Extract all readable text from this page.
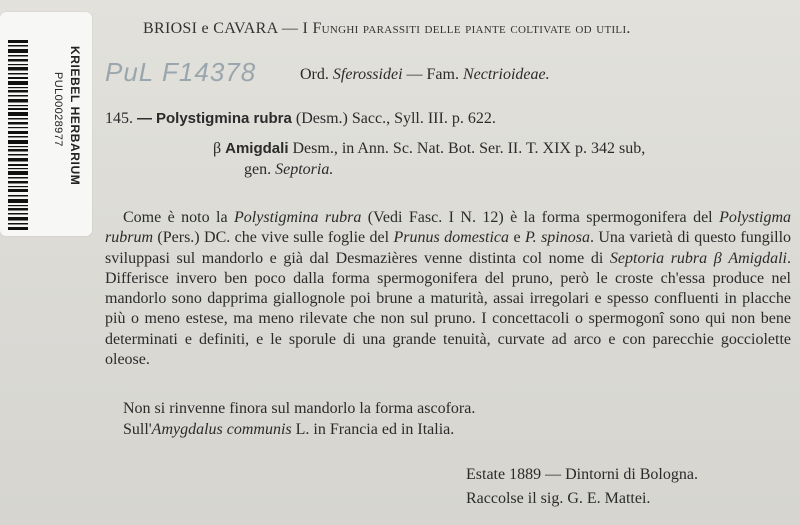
PUL00028977 KRIEBEL HERBARIUM
BRIOSI e CAVARA — I Funghi parassiti delle piante coltivate od utili.
PuL F14378	Ord. Sferossidei — Fam. Nectrioideae.
145. — Polystigmina rubra (Desm.) Sacc., Syll. III. p. 622.
β Amigdali Desm., in Ann. Sc. Nat. Bot. Ser. II. T. XIX p. 342 sub,
gen. Septoria.
Come è noto la Polystigmina rubra (Vedi Fasc. I N. 12) è la forma spermogonifera del Polystigma rubrum (Pers.) DC. che vive sulle foglie del Prunus domestica e P. spinosa. Una varietà di questo fungillo sviluppasi sul mandorlo e già dal Desmazières venne distinta col nome di Septoria rubra β Amigdali. Differisce invero ben poco dalla forma spermogonifera del pruno, però le croste ch'essa produce nel mandorlo sono dapprima giallognole poi brune a maturità, assai irregolari e spesso confluenti in placche più o meno estese, ma meno rilevate che non sul pruno. I concettacoli o spermogonî sono qui non bene determinati e definiti, e le sporule di una grande tenuità, curvate ad arco e con parecchie gocciolette oleose.
Non si rinvenne finora sul mandorlo la forma ascofora.
Sull'Amygdalus communis L. in Francia ed in Italia.
Estate 1889 — Dintorni di Bologna.
Raccolse il sig. G. E. Mattei.
